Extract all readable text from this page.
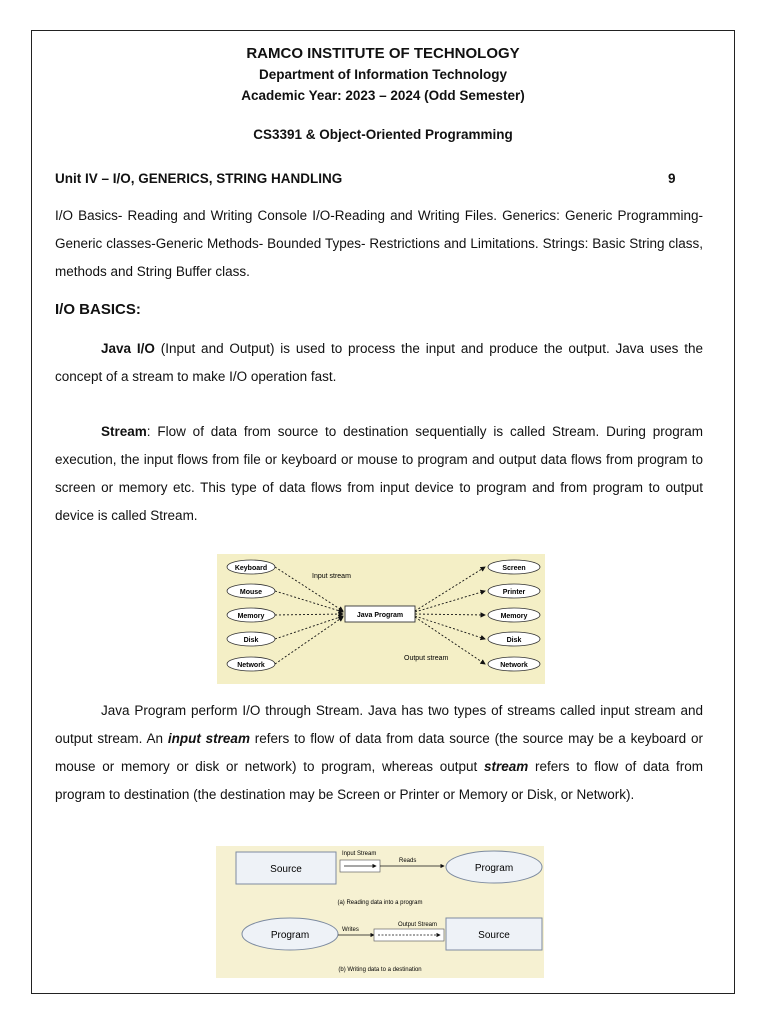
RAMCO INSTITUTE OF TECHNOLOGY
Department of Information Technology
Academic Year: 2023 – 2024 (Odd Semester)
CS3391 & Object-Oriented Programming
Unit IV – I/O, GENERICS, STRING HANDLING	9

I/O Basics- Reading and Writing Console I/O-Reading and Writing Files. Generics: Generic Programming- Generic classes-Generic Methods- Bounded Types- Restrictions and Limitations. Strings: Basic String class, methods and String Buffer class.

I/O BASICS:

Java I/O (Input and Output) is used to process the input and produce the output. Java uses the concept of a stream to make I/O operation fast.

Stream: Flow of data from source to destination sequentially is called Stream. During program execution, the input flows from file or keyboard or mouse to program and output data flows from program to screen or memory etc. This type of data flows from input device to program and from program to output device is called Stream.

Keyboard
Mouse
Memory
Disk
Network
Java Program
Input stream
Output stream
Screen
Printer
Memory
Disk
Network

Java Program perform I/O through Stream. Java has two types of streams called input stream and output stream. An input stream refers to flow of data from data source (the source may be a keyboard or mouse or memory or disk or network) to program, whereas output stream refers to flow of data from program to destination (the destination may be Screen or Printer or Memory or Disk, or Network).

Source
Input Stream
Reads
Program
(a) Reading data into a program
Program	Writes
Output Stream
Source
(b) Writing data to a destination
